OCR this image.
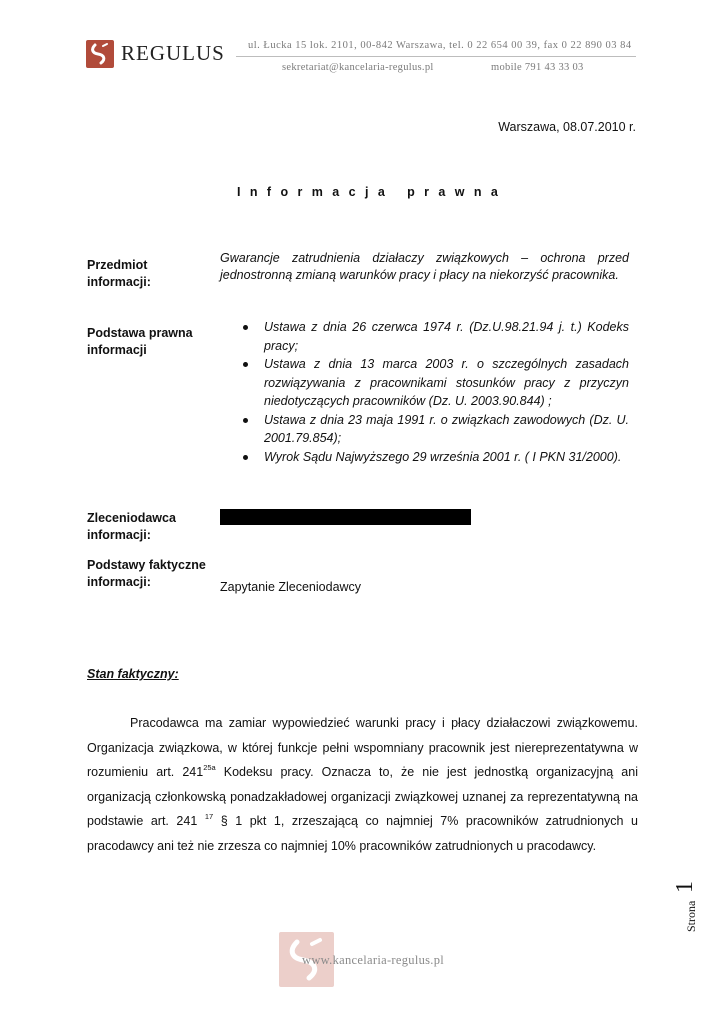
REGULUS ul. Łucka 15 lok. 2101, 00-842 Warszawa, tel. 0 22 654 00 39, fax 0 22 890 03 84
sekretariat@kancelaria-regulus.pl	mobile 791 43 33 03
Warszawa, 08.07.2010 r.
Informacja prawna
Przedmiot informacji:
Gwarancje zatrudnienia działaczy związkowych – ochrona przed jednostronną zmianą warunków pracy i płacy na niekorzyść pracownika.
Podstawa prawna informacji
Ustawa z dnia 26 czerwca 1974 r. (Dz.U.98.21.94 j. t.) Kodeks pracy;
Ustawa z dnia 13 marca 2003 r. o szczególnych zasadach rozwiązywania z pracownikami stosunków pracy z przyczyn niedotyczących pracowników (Dz. U. 2003.90.844) ;
Ustawa z dnia 23 maja 1991 r. o związkach zawodowych (Dz. U. 2001.79.854);
Wyrok Sądu Najwyższego 29 września 2001 r. ( I PKN 31/2000).
Zleceniodawca informacji:
Podstawy faktyczne informacji:	Zapytanie Zleceniodawcy
Stan faktyczny:

Pracodawca ma zamiar wypowiedzieć warunki pracy i płacy działaczowi związkowemu. Organizacja związkowa, w której funkcje pełni wspomniany pracownik jest niereprezentatywna w rozumieniu art. $241^{25a}$ Kodeksu pracy. Oznacza to, że nie jest jednostką organizacyjną ani organizacją członkowską ponadzakładowej organizacji związkowej uznanej za reprezentatywną na podstawie art. 241 $^{17}$ § 1 pkt 1, zrzeszającą co najmniej 7% pracowników zatrudnionych u pracodawcy ani też nie zrzesza co najmniej 10% pracowników zatrudnionych u pracodawcy.

1
Strona
www.kancelaria-regulus.pl
